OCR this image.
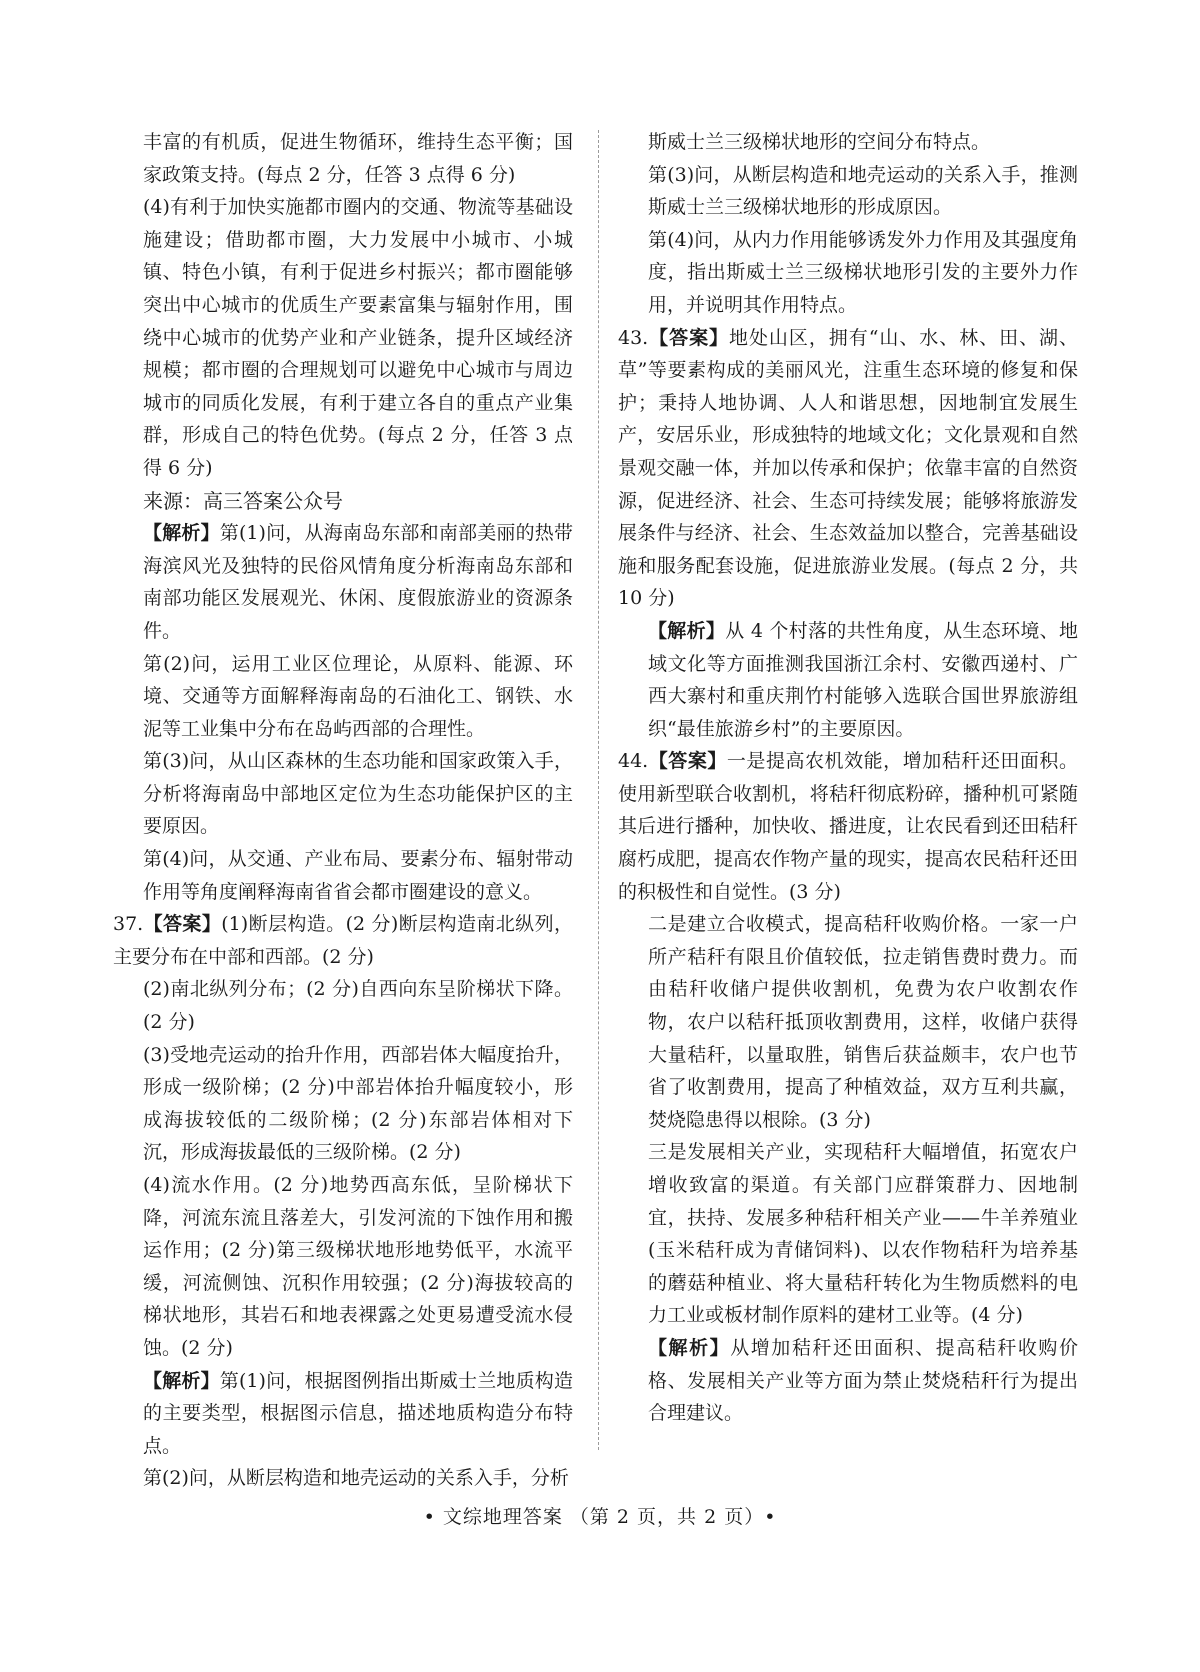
丰富的有机质，促进生物循环，维持生态平衡；国家政策支持。(每点 2 分，任答 3 点得 6 分)

(4)有利于加快实施都市圈内的交通、物流等基础设施建设；借助都市圈，大力发展中小城市、小城镇、特色小镇，有利于促进乡村振兴；都市圈能够突出中心城市的优质生产要素富集与辐射作用，围绕中心城市的优势产业和产业链条，提升区域经济规模；都市圈的合理规划可以避免中心城市与周边城市的同质化发展，有利于建立各自的重点产业集群，形成自己的特色优势。(每点 2 分，任答 3 点得 6 分)

来源：高三答案公众号

【解析】第(1)问，从海南岛东部和南部美丽的热带海滨风光及独特的民俗风情角度分析海南岛东部和南部功能区发展观光、休闲、度假旅游业的资源条件。

第(2)问，运用工业区位理论，从原料、能源、环境、交通等方面解释海南岛的石油化工、钢铁、水泥等工业集中分布在岛屿西部的合理性。

第(3)问，从山区森林的生态功能和国家政策入手，分析将海南岛中部地区定位为生态功能保护区的主要原因。

第(4)问，从交通、产业布局、要素分布、辐射带动作用等角度阐释海南省省会都市圈建设的意义。

37.【答案】(1)断层构造。(2 分)断层构造南北纵列，主要分布在中部和西部。(2 分)

(2)南北纵列分布；(2 分)自西向东呈阶梯状下降。(2 分)

(3)受地壳运动的抬升作用，西部岩体大幅度抬升，形成一级阶梯；(2 分)中部岩体抬升幅度较小，形成海拔较低的二级阶梯；(2 分)东部岩体相对下沉，形成海拔最低的三级阶梯。(2 分)

(4)流水作用。(2 分)地势西高东低，呈阶梯状下降，河流东流且落差大，引发河流的下蚀作用和搬运作用；(2 分)第三级梯状地形地势低平，水流平缓，河流侧蚀、沉积作用较强；(2 分)海拔较高的梯状地形，其岩石和地表裸露之处更易遭受流水侵蚀。(2 分)

【解析】第(1)问，根据图例指出斯威士兰地质构造的主要类型，根据图示信息，描述地质构造分布特点。

第(2)问，从断层构造和地壳运动的关系入手，分析

斯威士兰三级梯状地形的空间分布特点。

第(3)问，从断层构造和地壳运动的关系入手，推测斯威士兰三级梯状地形的形成原因。

第(4)问，从内力作用能够诱发外力作用及其强度角度，指出斯威士兰三级梯状地形引发的主要外力作用，并说明其作用特点。

43.【答案】地处山区，拥有“山、水、林、田、湖、草”等要素构成的美丽风光，注重生态环境的修复和保护；秉持人地协调、人人和谐思想，因地制宜发展生产，安居乐业，形成独特的地域文化；文化景观和自然景观交融一体，并加以传承和保护；依靠丰富的自然资源，促进经济、社会、生态可持续发展；能够将旅游发展条件与经济、社会、生态效益加以整合，完善基础设施和服务配套设施，促进旅游业发展。(每点 2 分，共 10 分)

【解析】从 4 个村落的共性角度，从生态环境、地域文化等方面推测我国浙江余村、安徽西递村、广西大寨村和重庆荆竹村能够入选联合国世界旅游组织“最佳旅游乡村”的主要原因。

44.【答案】一是提高农机效能，增加秸秆还田面积。使用新型联合收割机，将秸秆彻底粉碎，播种机可紧随其后进行播种，加快收、播进度，让农民看到还田秸秆腐朽成肥，提高农作物产量的现实，提高农民秸秆还田的积极性和自觉性。(3 分)

二是建立合收模式，提高秸秆收购价格。一家一户所产秸秆有限且价值较低，拉走销售费时费力。而由秸秆收储户提供收割机，免费为农户收割农作物，农户以秸秆抵顶收割费用，这样，收储户获得大量秸秆，以量取胜，销售后获益颇丰，农户也节省了收割费用，提高了种植效益，双方互利共赢，焚烧隐患得以根除。(3 分)

三是发展相关产业，实现秸秆大幅增值，拓宽农户增收致富的渠道。有关部门应群策群力、因地制宜，扶持、发展多种秸秆相关产业——牛羊养殖业(玉米秸秆成为青储饲料)、以农作物秸秆为培养基的蘑菇种植业、将大量秸秆转化为生物质燃料的电力工业或板材制作原料的建材工业等。(4 分)

【解析】从增加秸秆还田面积、提高秸秆收购价格、发展相关产业等方面为禁止焚烧秸秆行为提出合理建议。

• 文综地理答案 （第 2 页，共 2 页）•
